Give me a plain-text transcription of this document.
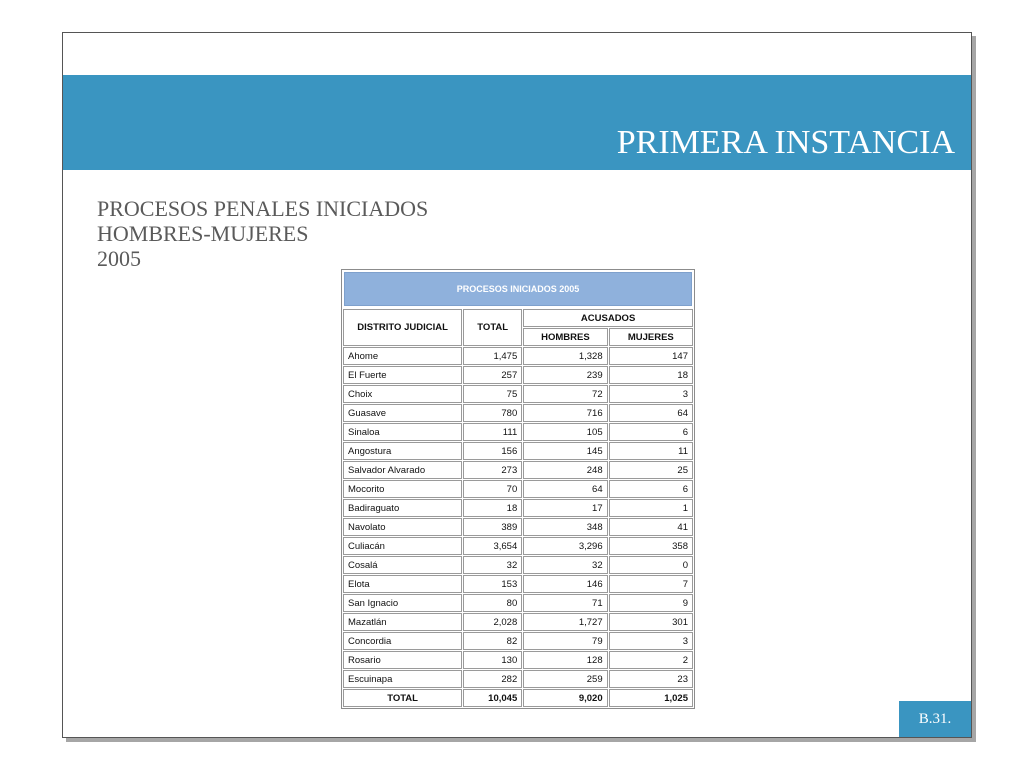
PRIMERA INSTANCIA
PROCESOS PENALES INICIADOS
HOMBRES-MUJERES
2005
PROCESOS INICIADOS 2005
DISTRITO JUDICIAL	TOTAL	ACUSADOS	
		HOMBRES	MUJERES
Ahome	1,475	1,328	147
El Fuerte	257	239	18
Choix	75	72	3
Guasave	780	716	64
Sinaloa	111	105	6
Angostura	156	145	11
Salvador Alvarado	273	248	25
Mocorito	70	64	6
Badiraguato	18	17	1
Navolato	389	348	41
Culiacán	3,654	3,296	358
Cosalá	32	32	0
Elota	153	146	7
San Ignacio	80	71	9
Mazatlán	2,028	1,727	301
Concordia	82	79	3
Rosario	130	128	2
Escuinapa	282	259	23
TOTAL	10,045	9,020	1,025
B.31.
